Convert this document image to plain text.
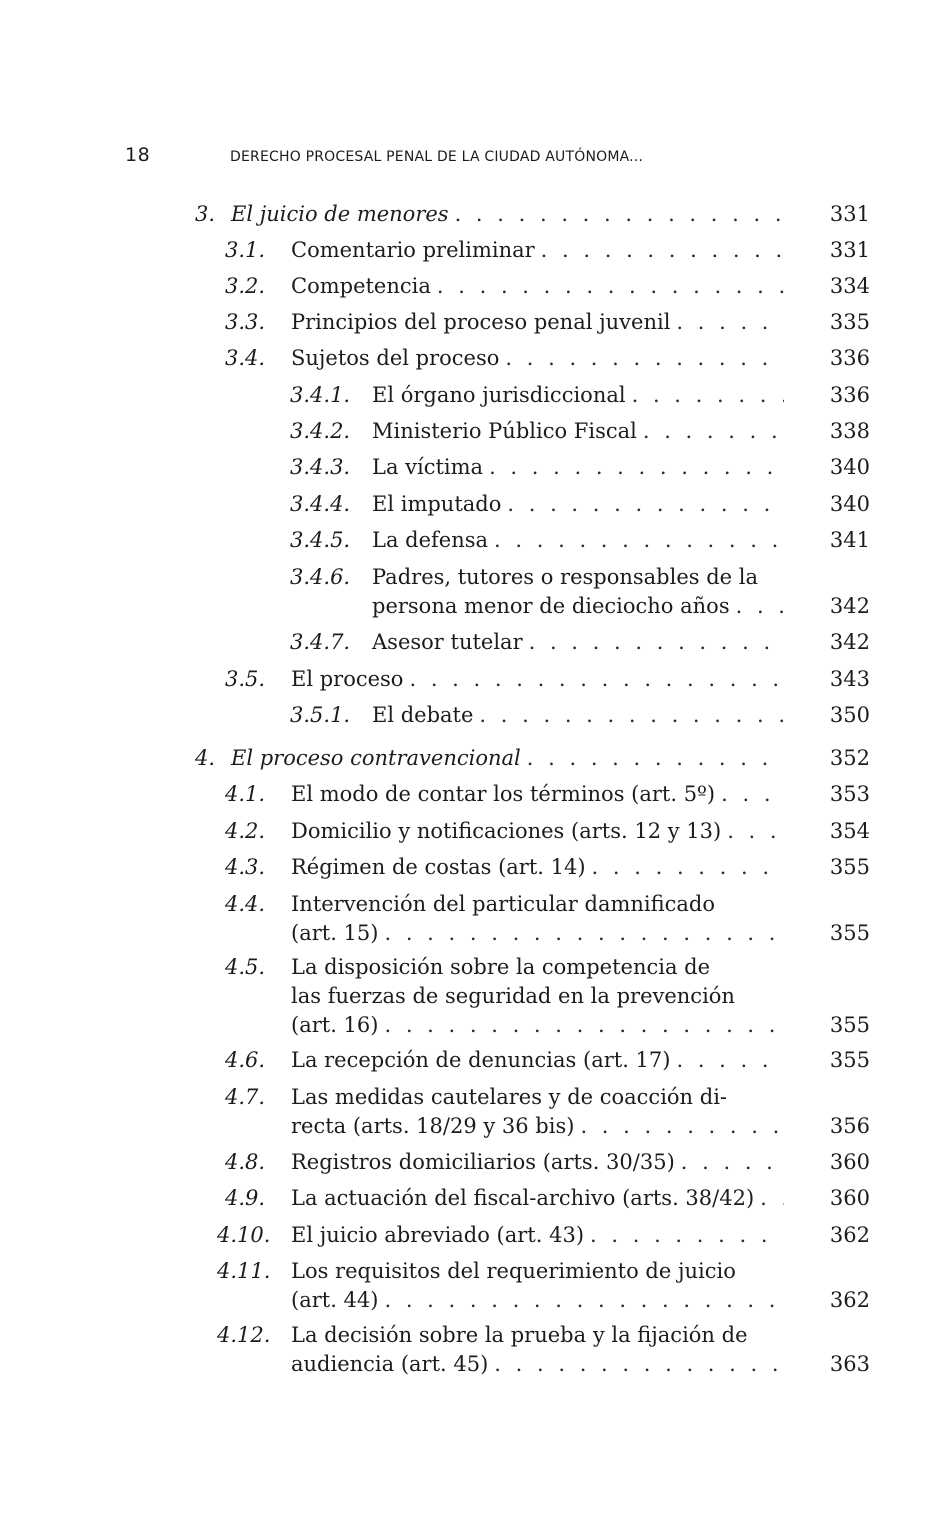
18	DERECHO PROCESAL PENAL DE LA CIUDAD AUTÓNOMA...
3. El juicio de menores . . .	331
3.1.	Comentario preliminar . . .	331
3.2.	Competencia . . .	334
3.3.	Principios del proceso penal juvenil . . .	335
3.4.	Sujetos del proceso . . .	336
3.4.1.	El órgano jurisdiccional . . .	336
3.4.2.	Ministerio Público Fiscal . . .	338
3.4.3.	La víctima . . .	340
3.4.4.	El imputado . . .	340
3.4.5.	La defensa . . .	341
3.4.6.	Padres, tutores o responsables de la
persona menor de dieciocho años . . .	342
3.4.7.	Asesor tutelar . . .	342
3.5.	El proceso . . .	343
3.5.1.	El debate . . .	350
4. El proceso contravencional . . .	352
4.1.	El modo de contar los términos (art. 5º) . . .	353
4.2.	Domicilio y notificaciones (arts. 12 y 13) . . .	354
4.3.	Régimen de costas (art. 14) . . .	355
4.4.	Intervención del particular damnificado
(art. 15) . . .	355
4.5.	La disposición sobre la competencia de
las fuerzas de seguridad en la prevención
(art. 16) . . .	355
4.6.	La recepción de denuncias (art. 17) . . .	355
4.7.	Las medidas cautelares y de coacción di-
recta (arts. 18/29 y 36 bis) . . .	356
4.8.	Registros domiciliarios (arts. 30/35) . . .	360
4.9.	La actuación del fiscal-archivo (arts. 38/42) . . .	360
4.10. El juicio abreviado (art. 43) . . .	362
4.11. Los requisitos del requerimiento de juicio
(art. 44) . . .	362
4.12. La decisión sobre la prueba y la fijación de
audiencia (art. 45) . . .	363
